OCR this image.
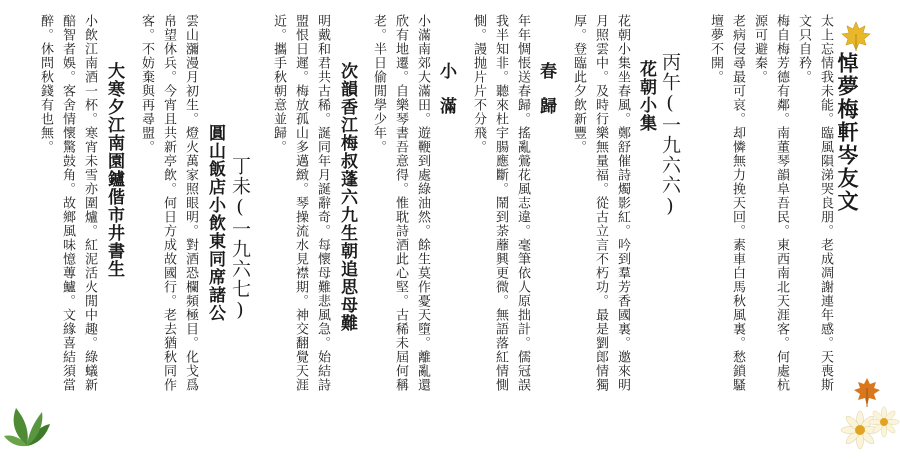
悼夢梅軒岑友文
太上忘情我未能。臨風隕涕哭良朋。老成凋謝連年感。天喪斯
文只自矜。
梅自梅芳德有鄰。南董琴韻阜吾民。東西南北天涯客。何處杭
源可避秦。
老病侵尋最可哀。却憐無力挽天回。素車白馬秋風裏。愁鎖騷
壇夢不開。
丙午(一九六六)
花朝小集
花朝小集坐春風。鄭舒催詩燭影紅。吟到羣芳香國裏。邀來明
月照雲中。及時行樂無量福。從古立言不朽功。最是劉郎情獨
厚。登臨此夕飲新豐。
春歸
年年惆悵送春歸。搖亂鶯花風志違。毫筆依人原拙計。儒冠誤
我半知非。聽來杜宇腸應斷。鬧到荼蘼興更微。無語落紅情惻
惻。謾抛片片不分飛。
小滿
小滿南郊大滿田。遊鞭到處綠油然。餘生莫作憂天墮。離亂還
欣有地遷。自樂琴書吾意得。惟耽詩酒此心堅。古稀未屆何稱
老。半日偷閒學少年。
次韻香江梅叔蓬六九生朝追思母難
明戴和君共古稀。誕同年月誕辭奇。每懷母難悲風急。始結詩
盟恨日遲。梅放孤山多邁緻。琴操流水見襟期。神交翻覺天涯
近。攜手秋朝意並歸。
丁未(一九六七)
圓山飯店小飲東同席諸公
雲山瀰漫月初生。燈火萬家照眼明。對酒恐欄頻極目。化戈爲
帛望休兵。今宵且共新亭飲。何日方成故國行。老去猶秋同作
客。不妨棄與再尋盟。
大寒夕江南園鑪偕市井書生
小飲江南酒一杯。寒宵未雪亦圍爐。紅泥活火閒中趣。綠蟻新
醅智者娛。客舍情懷驚鼓角。故鄉風味憶蓴鱸。文緣喜結須當
醉。休問秋錢有也無。
